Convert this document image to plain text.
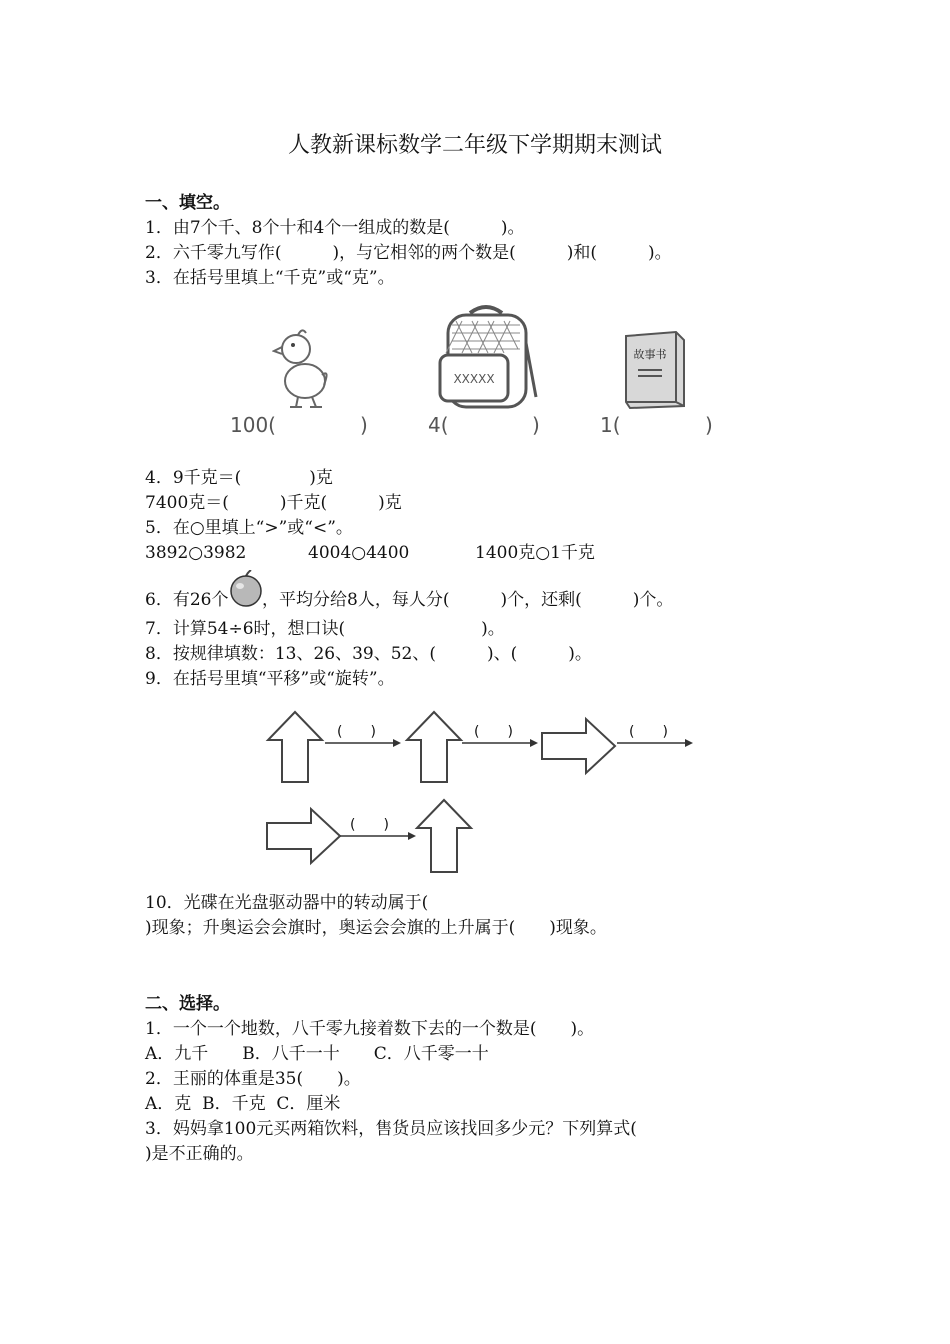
人教新课标数学二年级下学期期末测试
一、填空。
1．由7个千、8个十和4个一组成的数是(　　　)。
2．六千零九写作(　　　)，与它相邻的两个数是(　　　)和(　　　)。
3．在括号里填上“千克”或“克”。
XXXXX
故事书
100(	)	4(	)	1(	)
4．9千克＝(　　　　)克
7400克＝(　　　)千克(　　　)克
5．在○里填上“>”或“<”。
3892○3982	4004○4400	1400克○1千克
6．有26个 ，平均分给8人，每人分(　　　)个，还剩(　　　)个。
7．计算54÷6时，想口诀(　　　　　　　　)。
8．按规律填数：13、26、39、52、(　　　)、(　　　)。
9．在括号里填“平移”或“旋转”。
(　　)	(　　)	(　　)
(　　)
10．光碟在光盘驱动器中的转动属于(
)现象；升奥运会会旗时，奥运会会旗的上升属于(　　)现象。
二、选择。
1．一个一个地数，八千零九接着数下去的一个数是(　　)。
A．九千　　B．八千一十　　C．八千零一十
2．王丽的体重是35(　　)。
A．克  B．千克  C．厘米
3．妈妈拿100元买两箱饮料，售货员应该找回多少元？下列算式(
)是不正确的。
